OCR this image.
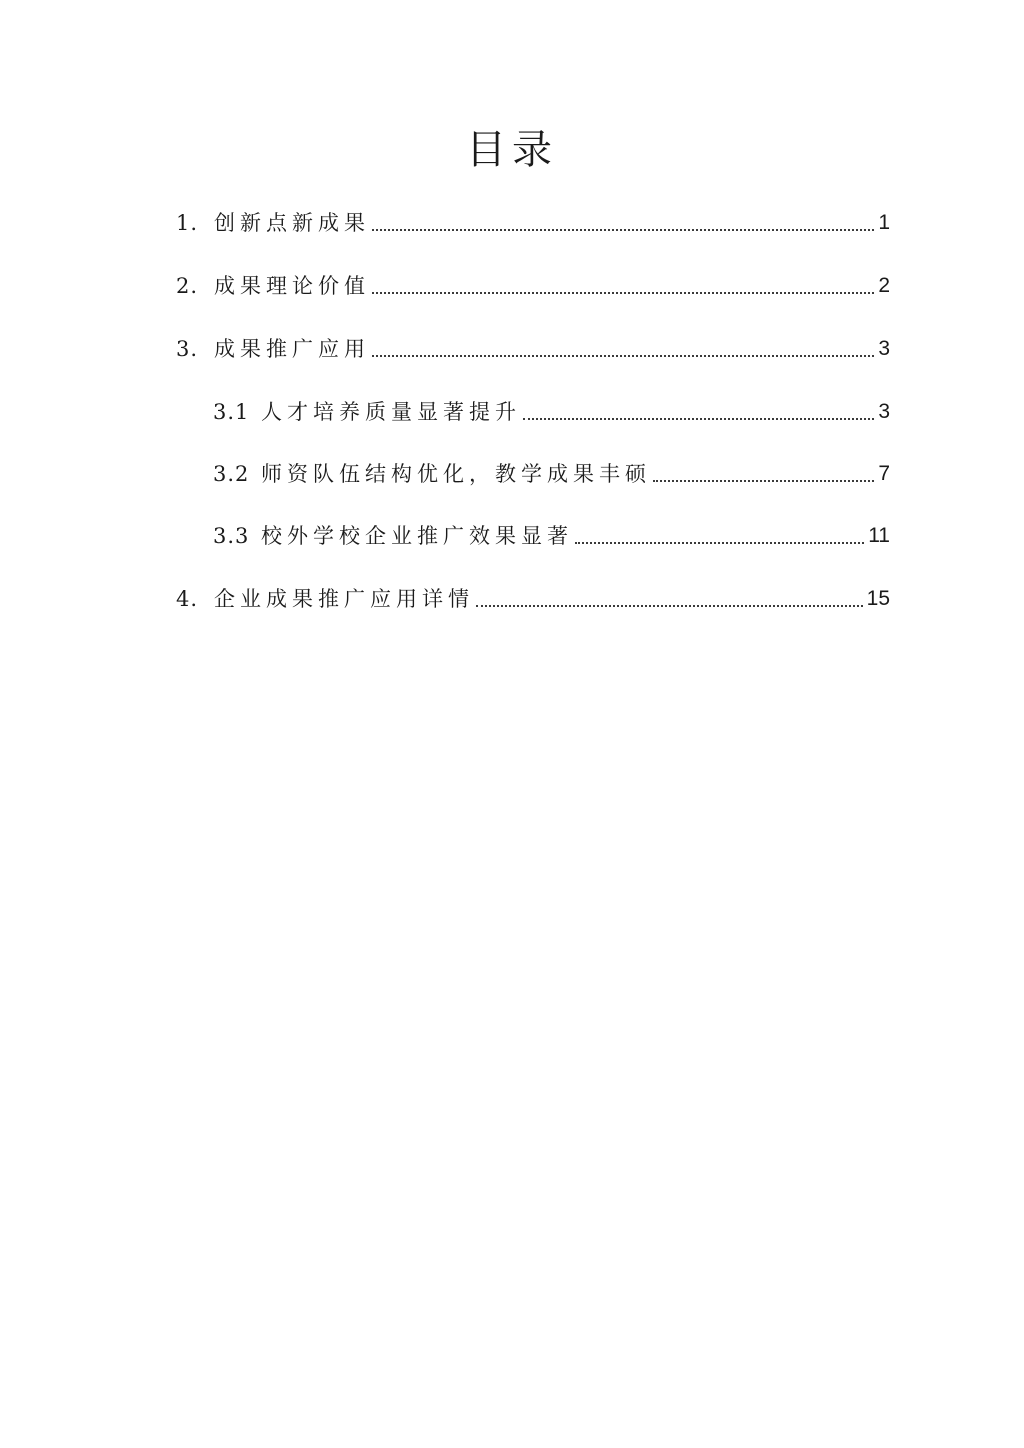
目录
1. 创新点新成果	1
2. 成果理论价值	2
3. 成果推广应用	3
3.1 人才培养质量显著提升	3
3.2 师资队伍结构优化，教学成果丰硕	7
3.3 校外学校企业推广效果显著	11
4. 企业成果推广应用详情	15
